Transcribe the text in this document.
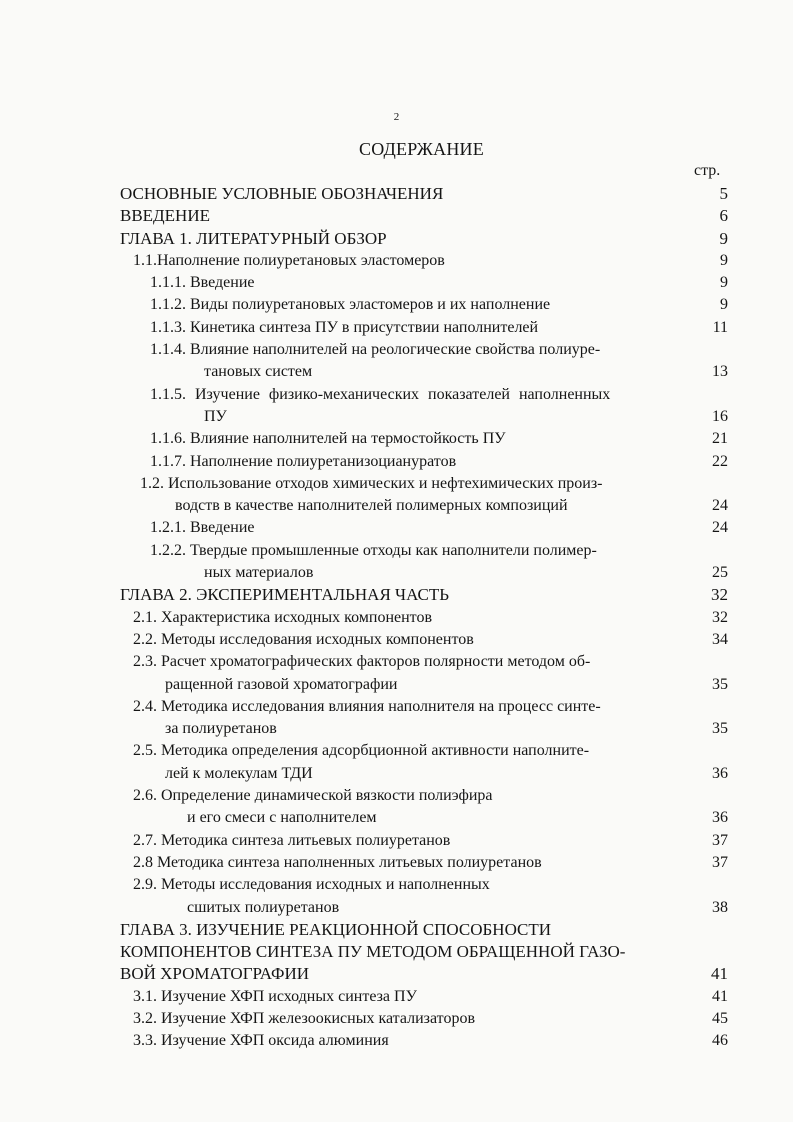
2
СОДЕРЖАНИЕ
стр.
ОСНОВНЫЕ УСЛОВНЫЕ ОБОЗНАЧЕНИЯ	5
ВВЕДЕНИЕ	6
ГЛАВА 1. ЛИТЕРАТУРНЫЙ ОБЗОР	9
1.1.Наполнение полиуретановых эластомеров	9
1.1.1. Введение	9
1.1.2. Виды полиуретановых эластомеров и их наполнение	9
1.1.3. Кинетика синтеза ПУ в присутствии наполнителей	11
1.1.4. Влияние наполнителей на реологические свойства полиуре-
тановых систем	13
1.1.5. Изучение физико-механических показателей наполненных
ПУ	16
1.1.6. Влияние наполнителей на термостойкость ПУ	21
1.1.7. Наполнение полиуретанизоциануратов	22
1.2. Использование отходов химических и нефтехимических произ-
водств в качестве наполнителей полимерных композиций	24
1.2.1. Введение	24
1.2.2. Твердые промышленные отходы как наполнители полимер-
ных материалов	25
ГЛАВА 2. ЭКСПЕРИМЕНТАЛЬНАЯ ЧАСТЬ	32
2.1. Характеристика исходных компонентов	32
2.2. Методы исследования исходных компонентов	34
2.3. Расчет хроматографических факторов полярности методом об-
ращенной газовой хроматографии	35
2.4. Методика исследования влияния наполнителя на процесс синте-
за полиуретанов	35
2.5. Методика определения адсорбционной активности наполните-
лей к молекулам ТДИ	36
2.6. Определение динамической вязкости полиэфира
и его смеси с наполнителем	36
2.7. Методика синтеза литьевых полиуретанов	37
2.8 Методика синтеза наполненных литьевых полиуретанов	37
2.9. Методы исследования исходных и наполненных
сшитых полиуретанов	38
ГЛАВА 3. ИЗУЧЕНИЕ РЕАКЦИОННОЙ СПОСОБНОСТИ
КОМПОНЕНТОВ СИНТЕЗА ПУ МЕТОДОМ ОБРАЩЕННОЙ ГАЗО-
ВОЙ ХРОМАТОГРАФИИ	41
3.1. Изучение ХФП исходных синтеза ПУ	41
3.2. Изучение ХФП железоокисных катализаторов	45
3.3. Изучение ХФП оксида алюминия	46
